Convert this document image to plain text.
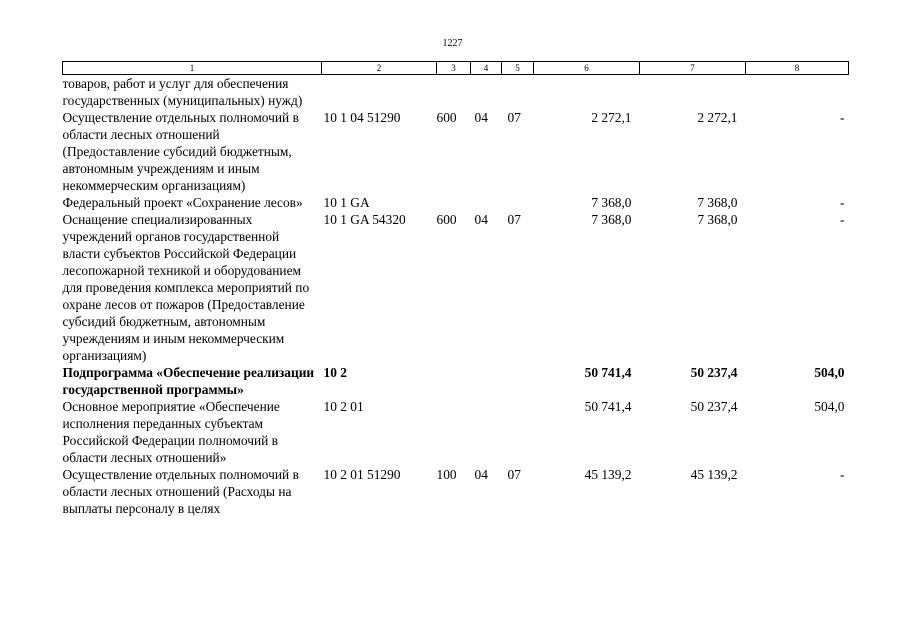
1227
1	2	3	4	5	6	7	8
товаров, работ и услуг для обеспечения государственных (муниципальных) нужд)							
Осуществление отдельных полномочий в области лесных отношений (Предоставление субсидий бюджетным, автономным учреждениям и иным некоммерческим организациям)	10 1 04 51290	600	04	07	2 272,1	2 272,1	-
Федеральный проект «Сохранение лесов»	10 1 GA				7 368,0	7 368,0	-
Оснащение специализированных учреждений органов государственной власти субъектов Российской Федерации лесопожарной техникой и оборудованием для проведения комплекса мероприятий по охране лесов от пожаров (Предоставление субсидий бюджетным, автономным учреждениям и иным некоммерческим организациям)	10 1 GA 54320	600	04	07	7 368,0	7 368,0	-
Подпрограмма «Обеспечение реализации государственной программы»	10 2				50 741,4	50 237,4	504,0
Основное мероприятие «Обеспечение исполнения переданных субъектам Российской Федерации полномочий в области лесных отношений»	10 2 01				50 741,4	50 237,4	504,0
Осуществление отдельных полномочий в области лесных отношений (Расходы на выплаты персоналу в целях	10 2 01 51290	100	04	07	45 139,2	45 139,2	-
